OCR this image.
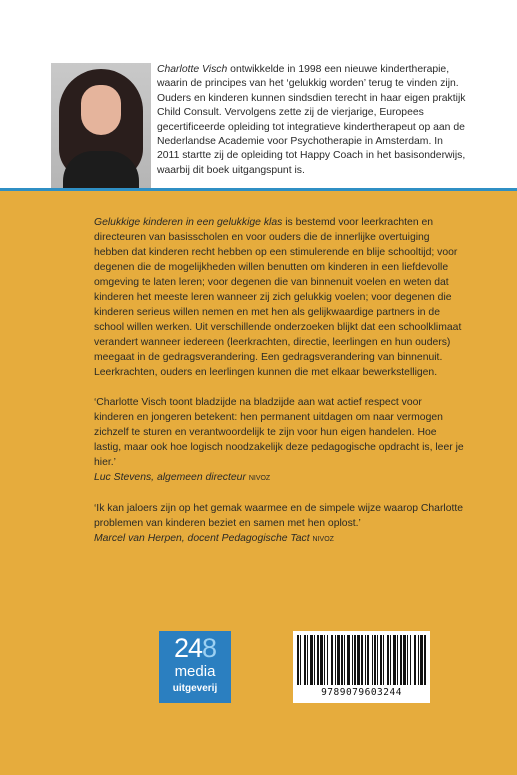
Charlotte Visch ontwikkelde in 1998 een nieuwe kindertherapie, waarin de principes van het ‘gelukkig worden’ terug te vinden zijn. Ouders en kinderen kunnen sindsdien terecht in haar eigen praktijk Child Consult. Vervolgens zette zij de vierjarige, Europees gecertificeerde opleiding tot integratieve kindertherapeut op aan de Nederlandse Academie voor Psychotherapie in Amsterdam. In 2011 startte zij de opleiding tot Happy Coach in het basisonderwijs, waarbij dit boek uitgangspunt is.

Gelukkige kinderen in een gelukkige klas is bestemd voor leerkrachten en directeuren van basisscholen en voor ouders die de innerlijke overtuiging hebben dat kinderen recht hebben op een stimulerende en blije schooltijd; voor degenen die de mogelijkheden willen benutten om kinderen in een liefdevolle omgeving te laten leren; voor degenen die van binnenuit voelen en weten dat kinderen het meeste leren wanneer zij zich gelukkig voelen; voor degenen die kinderen serieus willen nemen en met hen als gelijkwaardige partners in de school willen werken. Uit verschillende onderzoeken blijkt dat een schoolklimaat verandert wanneer iedereen (leerkrachten, directie, leerlingen en hun ouders) meegaat in de gedragsverandering. Een gedragsverandering van binnenuit. Leerkrachten, ouders en leerlingen kunnen die met elkaar bewerkstelligen.

‘Charlotte Visch toont bladzijde na bladzijde aan wat actief respect voor kinderen en jongeren betekent: hen permanent uitdagen om naar vermogen zichzelf te sturen en verantwoordelijk te zijn voor hun eigen handelen. Hoe lastig, maar ook hoe logisch noodzakelijk deze pedagogische opdracht is, leer je hier.’
Luc Stevens, algemeen directeur NIVOZ

‘Ik kan jaloers zijn op het gemak waarmee en de simpele wijze waarop Charlotte problemen van kinderen beziet en samen met hen oplost.’
Marcel van Herpen, docent Pedagogische Tact NIVOZ

248
media
uitgeverij	9789079603244
